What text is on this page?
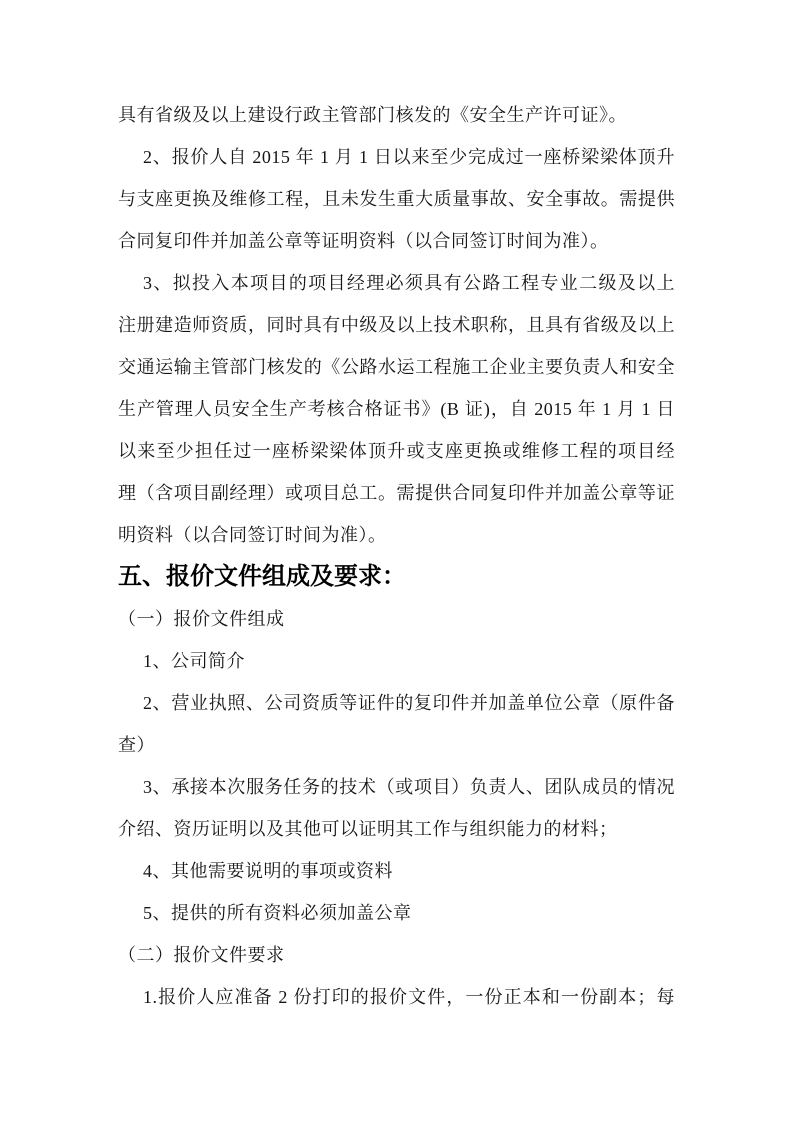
具有省级及以上建设行政主管部门核发的《安全生产许可证》。
2、报价人自 2015 年 1 月 1 日以来至少完成过一座桥梁梁体顶升
与支座更换及维修工程，且未发生重大质量事故、安全事故。需提供
合同复印件并加盖公章等证明资料（以合同签订时间为准）。
3、拟投入本项目的项目经理必须具有公路工程专业二级及以上
注册建造师资质，同时具有中级及以上技术职称，且具有省级及以上
交通运输主管部门核发的《公路水运工程施工企业主要负责人和安全
生产管理人员安全生产考核合格证书》(B 证)，自 2015 年 1 月 1 日
以来至少担任过一座桥梁梁体顶升或支座更换或维修工程的项目经
理（含项目副经理）或项目总工。需提供合同复印件并加盖公章等证
明资料（以合同签订时间为准）。
五、报价文件组成及要求：
（一）报价文件组成
1、公司简介
2、营业执照、公司资质等证件的复印件并加盖单位公章（原件备
查）
3、承接本次服务任务的技术（或项目）负责人、团队成员的情况
介绍、资历证明以及其他可以证明其工作与组织能力的材料；
4、其他需要说明的事项或资料
5、提供的所有资料必须加盖公章
（二）报价文件要求
1.报价人应准备 2 份打印的报价文件，一份正本和一份副本；每
